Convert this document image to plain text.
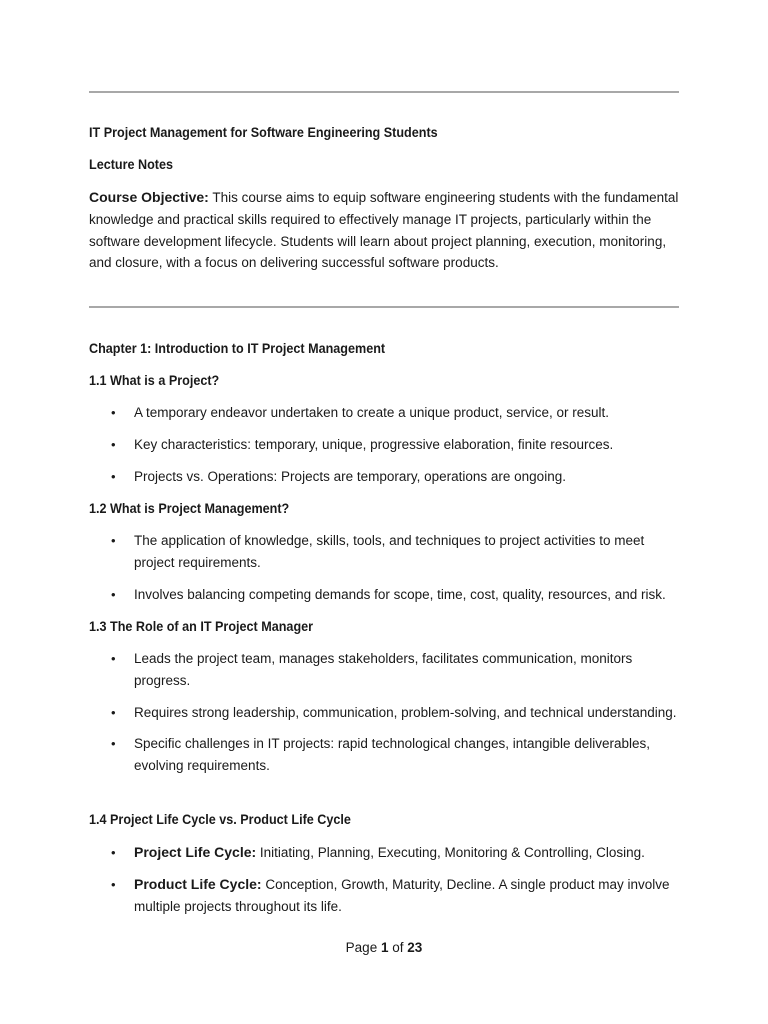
IT Project Management for Software Engineering Students
Lecture Notes
Course Objective: This course aims to equip software engineering students with the fundamental knowledge and practical skills required to effectively manage IT projects, particularly within the software development lifecycle. Students will learn about project planning, execution, monitoring, and closure, with a focus on delivering successful software products.
Chapter 1: Introduction to IT Project Management
1.1 What is a Project?
• A temporary endeavor undertaken to create a unique product, service, or result.
• Key characteristics: temporary, unique, progressive elaboration, finite resources.
• Projects vs. Operations: Projects are temporary, operations are ongoing.
1.2 What is Project Management?
• The application of knowledge, skills, tools, and techniques to project activities to meet project requirements.
• Involves balancing competing demands for scope, time, cost, quality, resources, and risk.
1.3 The Role of an IT Project Manager
• Leads the project team, manages stakeholders, facilitates communication, monitors progress.
• Requires strong leadership, communication, problem-solving, and technical understanding.
• Specific challenges in IT projects: rapid technological changes, intangible deliverables, evolving requirements.
1.4 Project Life Cycle vs. Product Life Cycle
• Project Life Cycle: Initiating, Planning, Executing, Monitoring & Controlling, Closing.
• Product Life Cycle: Conception, Growth, Maturity, Decline. A single product may involve multiple projects throughout its life.
Page 1 of 23
